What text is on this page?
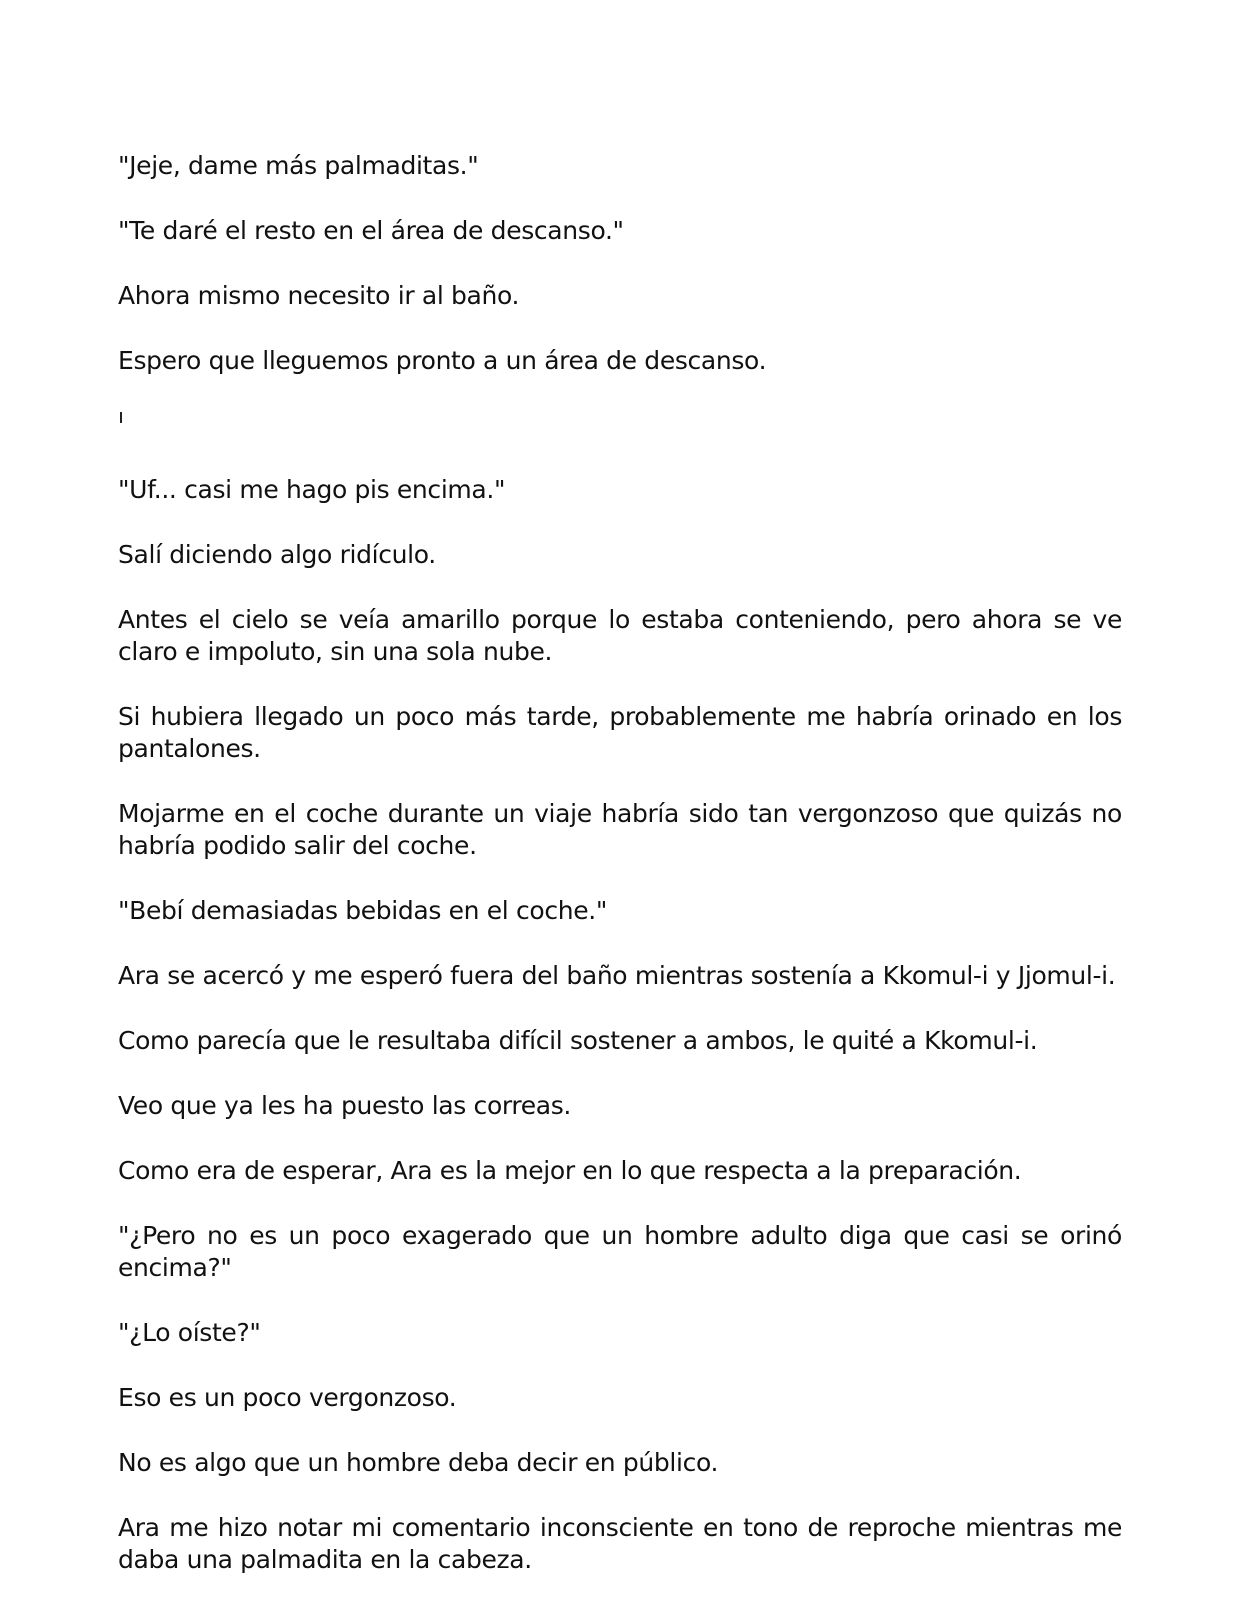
"Jeje, dame más palmaditas."

"Te daré el resto en el área de descanso."

Ahora mismo necesito ir al baño.

Espero que lleguemos pronto a un área de descanso.

"Uf... casi me hago pis encima."

Salí diciendo algo ridículo.

Antes el cielo se veía amarillo porque lo estaba conteniendo, pero ahora se ve claro e impoluto, sin una sola nube.

Si hubiera llegado un poco más tarde, probablemente me habría orinado en los pantalones.

Mojarme en el coche durante un viaje habría sido tan vergonzoso que quizás no habría podido salir del coche.

"Bebí demasiadas bebidas en el coche."

Ara se acercó y me esperó fuera del baño mientras sostenía a Kkomul-i y Jjomul-i.

Como parecía que le resultaba difícil sostener a ambos, le quité a Kkomul-i.

Veo que ya les ha puesto las correas.

Como era de esperar, Ara es la mejor en lo que respecta a la preparación.

"¿Pero no es un poco exagerado que un hombre adulto diga que casi se orinó encima?"

"¿Lo oíste?"

Eso es un poco vergonzoso.

No es algo que un hombre deba decir en público.

Ara me hizo notar mi comentario inconsciente en tono de reproche mientras me daba una palmadita en la cabeza.
